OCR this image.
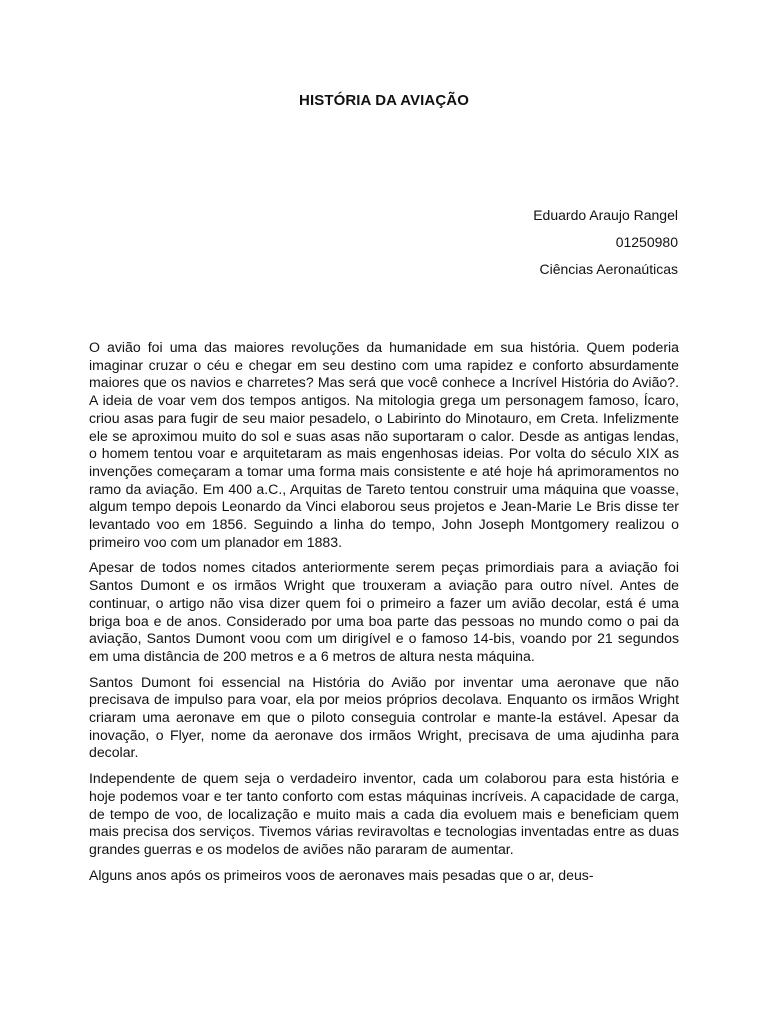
HISTÓRIA DA AVIAÇÃO
Eduardo Araujo Rangel
01250980
Ciências Aeronaúticas

O avião foi uma das maiores revoluções da humanidade em sua história. Quem poderia imaginar cruzar o céu e chegar em seu destino com uma rapidez e conforto absurdamente maiores que os navios e charretes? Mas será que você conhece a Incrível História do Avião?. A ideia de voar vem dos tempos antigos. Na mitologia grega um personagem famoso, Ícaro, criou asas para fugir de seu maior pesadelo, o Labirinto do Minotauro, em Creta. Infelizmente ele se aproximou muito do sol e suas asas não suportaram o calor. Desde as antigas lendas, o homem tentou voar e arquitetaram as mais engenhosas ideias. Por volta do século XIX as invenções começaram a tomar uma forma mais consistente e até hoje há aprimoramentos no ramo da aviação. Em 400 a.C., Arquitas de Tareto tentou construir uma máquina que voasse, algum tempo depois Leonardo da Vinci elaborou seus projetos e Jean-Marie Le Bris disse ter levantado voo em 1856. Seguindo a linha do tempo, John Joseph Montgomery realizou o primeiro voo com um planador em 1883.

Apesar de todos nomes citados anteriormente serem peças primordiais para a aviação foi Santos Dumont e os irmãos Wright que trouxeram a aviação para outro nível. Antes de continuar, o artigo não visa dizer quem foi o primeiro a fazer um avião decolar, está é uma briga boa e de anos. Considerado por uma boa parte das pessoas no mundo como o pai da aviação, Santos Dumont voou com um dirigível e o famoso 14-bis, voando por 21 segundos em uma distância de 200 metros e a 6 metros de altura nesta máquina.

Santos Dumont foi essencial na História do Avião por inventar uma aeronave que não precisava de impulso para voar, ela por meios próprios decolava. Enquanto os irmãos Wright criaram uma aeronave em que o piloto conseguia controlar e mante-la estável. Apesar da inovação, o Flyer, nome da aeronave dos irmãos Wright, precisava de uma ajudinha para decolar.

Independente de quem seja o verdadeiro inventor, cada um colaborou para esta história e hoje podemos voar e ter tanto conforto com estas máquinas incríveis. A capacidade de carga, de tempo de voo, de localização e muito mais a cada dia evoluem mais e beneficiam quem mais precisa dos serviços. Tivemos várias reviravoltas e tecnologias inventadas entre as duas grandes guerras e os modelos de aviões não pararam de aumentar.

Alguns anos após os primeiros voos de aeronaves mais pesadas que o ar, deus-
